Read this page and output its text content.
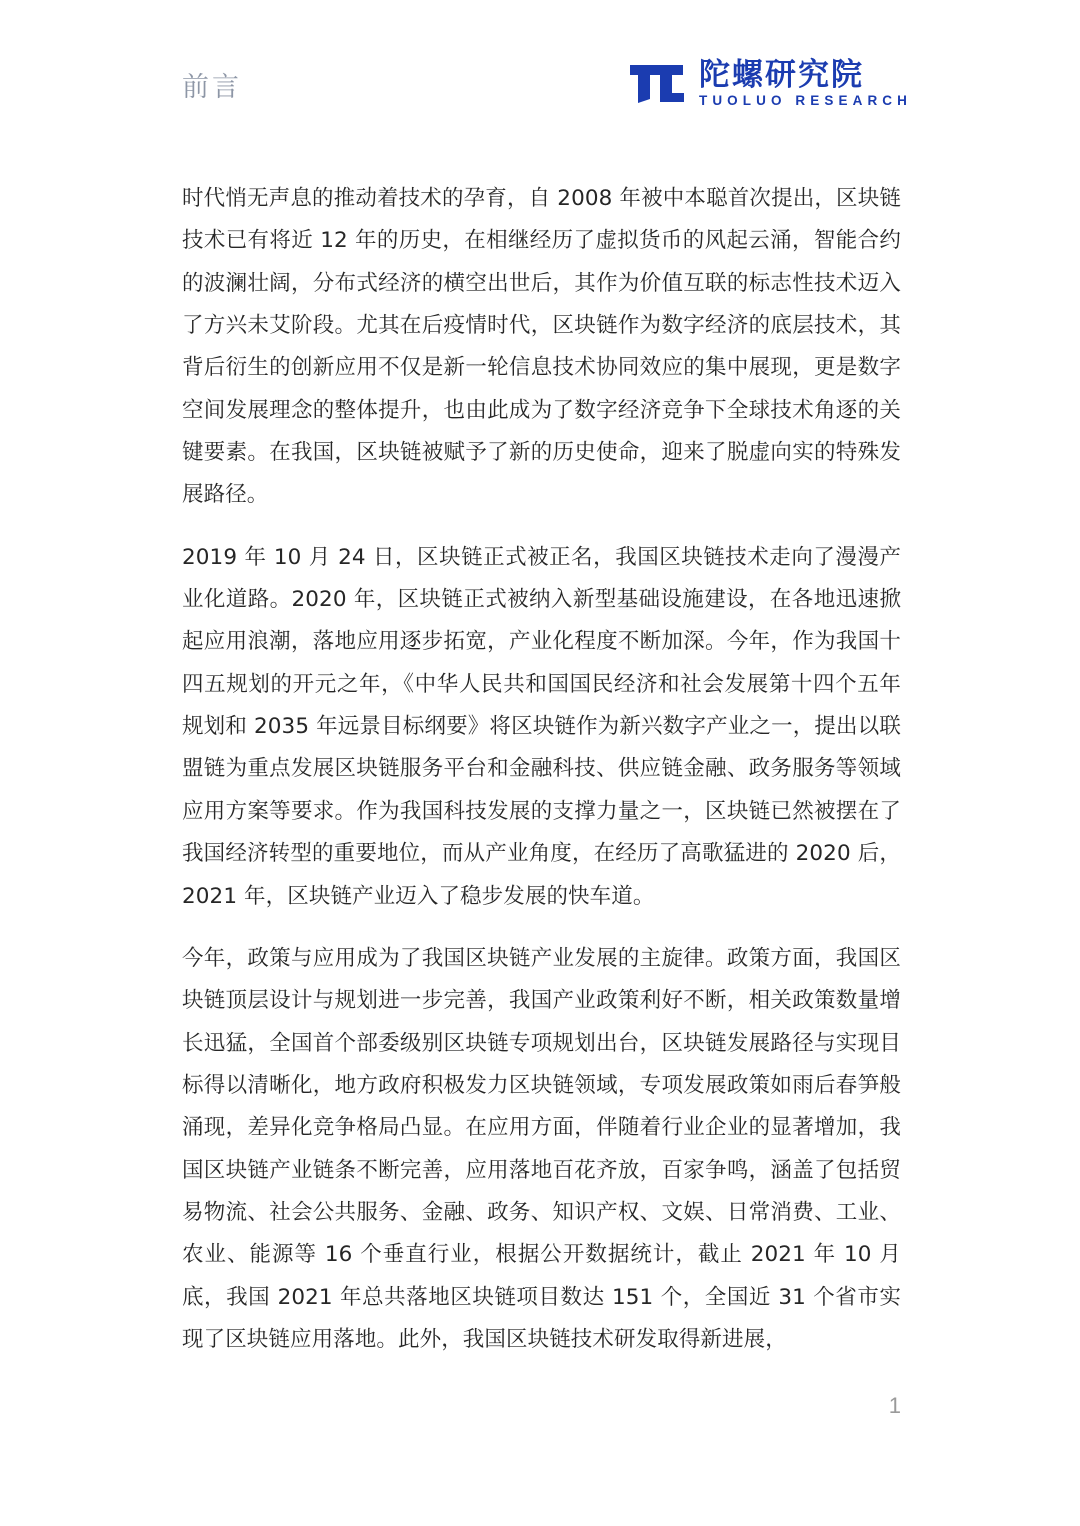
前言	陀螺研究院
TUOLUO RESEARCH

时代悄无声息的推动着技术的孕育，自 2008 年被中本聪首次提出，区块链技术已有将近 12 年的历史，在相继经历了虚拟货币的风起云涌，智能合约的波澜壮阔，分布式经济的横空出世后，其作为价值互联的标志性技术迈入了方兴未艾阶段。尤其在后疫情时代，区块链作为数字经济的底层技术，其背后衍生的创新应用不仅是新一轮信息技术协同效应的集中展现，更是数字空间发展理念的整体提升，也由此成为了数字经济竞争下全球技术角逐的关键要素。在我国，区块链被赋予了新的历史使命，迎来了脱虚向实的特殊发展路径。

2019 年 10 月 24 日，区块链正式被正名，我国区块链技术走向了漫漫产业化道路。2020 年，区块链正式被纳入新型基础设施建设，在各地迅速掀起应用浪潮，落地应用逐步拓宽，产业化程度不断加深。今年，作为我国十四五规划的开元之年，《中华人民共和国国民经济和社会发展第十四个五年规划和 2035 年远景目标纲要》将区块链作为新兴数字产业之一，提出以联盟链为重点发展区块链服务平台和金融科技、供应链金融、政务服务等领域应用方案等要求。作为我国科技发展的支撑力量之一，区块链已然被摆在了我国经济转型的重要地位，而从产业角度，在经历了高歌猛进的 2020 后，2021 年，区块链产业迈入了稳步发展的快车道。

今年，政策与应用成为了我国区块链产业发展的主旋律。政策方面，我国区块链顶层设计与规划进一步完善，我国产业政策利好不断，相关政策数量增长迅猛，全国首个部委级别区块链专项规划出台，区块链发展路径与实现目标得以清晰化，地方政府积极发力区块链领域，专项发展政策如雨后春笋般涌现，差异化竞争格局凸显。在应用方面，伴随着行业企业的显著增加，我国区块链产业链条不断完善，应用落地百花齐放，百家争鸣，涵盖了包括贸易物流、社会公共服务、金融、政务、知识产权、文娱、日常消费、工业、农业、能源等 16 个垂直行业，根据公开数据统计，截止 2021 年 10 月底，我国 2021 年总共落地区块链项目数达 151 个，全国近 31 个省市实现了区块链应用落地。此外，我国区块链技术研发取得新进展，

1
